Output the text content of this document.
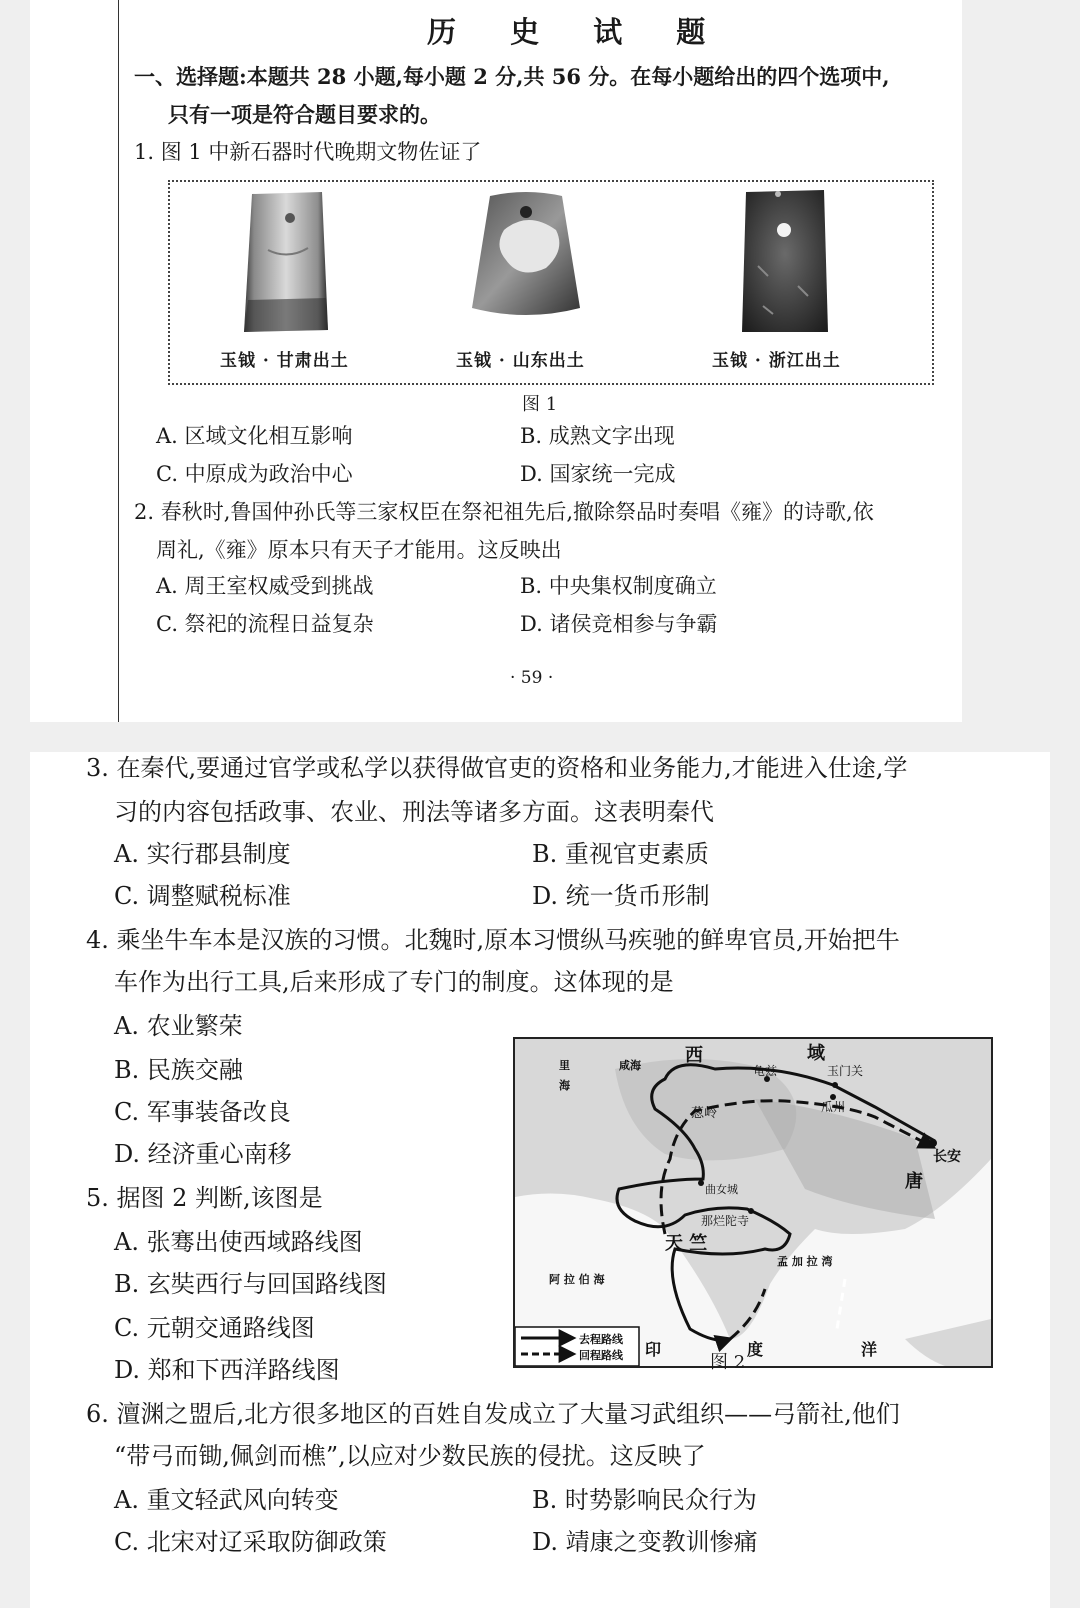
历 史 试 题
一、选择题:本题共 28 小题,每小题 2 分,共 56 分。在每小题给出的四个选项中,
只有一项是符合题目要求的。
1. 图 1 中新石器时代晚期文物佐证了
玉钺 · 甘肃出土	玉钺 · 山东出土	玉钺 · 浙江出土
图 1
A. 区域文化相互影响	B. 成熟文字出现
C. 中原成为政治中心	D. 国家统一完成
2. 春秋时,鲁国仲孙氏等三家权臣在祭祀祖先后,撤除祭品时奏唱《雍》的诗歌,依
周礼,《雍》原本只有天子才能用。这反映出
A. 周王室权威受到挑战	B. 中央集权制度确立
C. 祭祀的流程日益复杂	D. 诸侯竞相参与争霸
· 59 ·
3. 在秦代,要通过官学或私学以获得做官吏的资格和业务能力,才能进入仕途,学
习的内容包括政事、农业、刑法等诸多方面。这表明秦代
A. 实行郡县制度	B. 重视官吏素质
C. 调整赋税标准	D. 统一货币形制
4. 乘坐牛车本是汉族的习惯。北魏时,原本习惯纵马疾驰的鲜卑官员,开始把牛
车作为出行工具,后来形成了专门的制度。这体现的是
A. 农业繁荣
B. 民族交融
C. 军事装备改良
D. 经济重心南移
5. 据图 2 判断,该图是
A. 张骞出使西域路线图
B. 玄奘西行与回国路线图
C. 元朝交通路线图
D. 郑和下西洋路线图
西	域
里
海
咸海	龟兹	玉门关
瓜州
葱岭
长安
唐
曲女城
那烂陀寺
天 竺
阿 拉 伯 海
孟 加 拉 湾
印	度	洋
去程路线
回程路线	图 2
6. 澶渊之盟后,北方很多地区的百姓自发成立了大量习武组织——弓箭社,他们
“带弓而锄,佩剑而樵”,以应对少数民族的侵扰。这反映了
A. 重文轻武风向转变	B. 时势影响民众行为
C. 北宋对辽采取防御政策	D. 靖康之变教训惨痛
